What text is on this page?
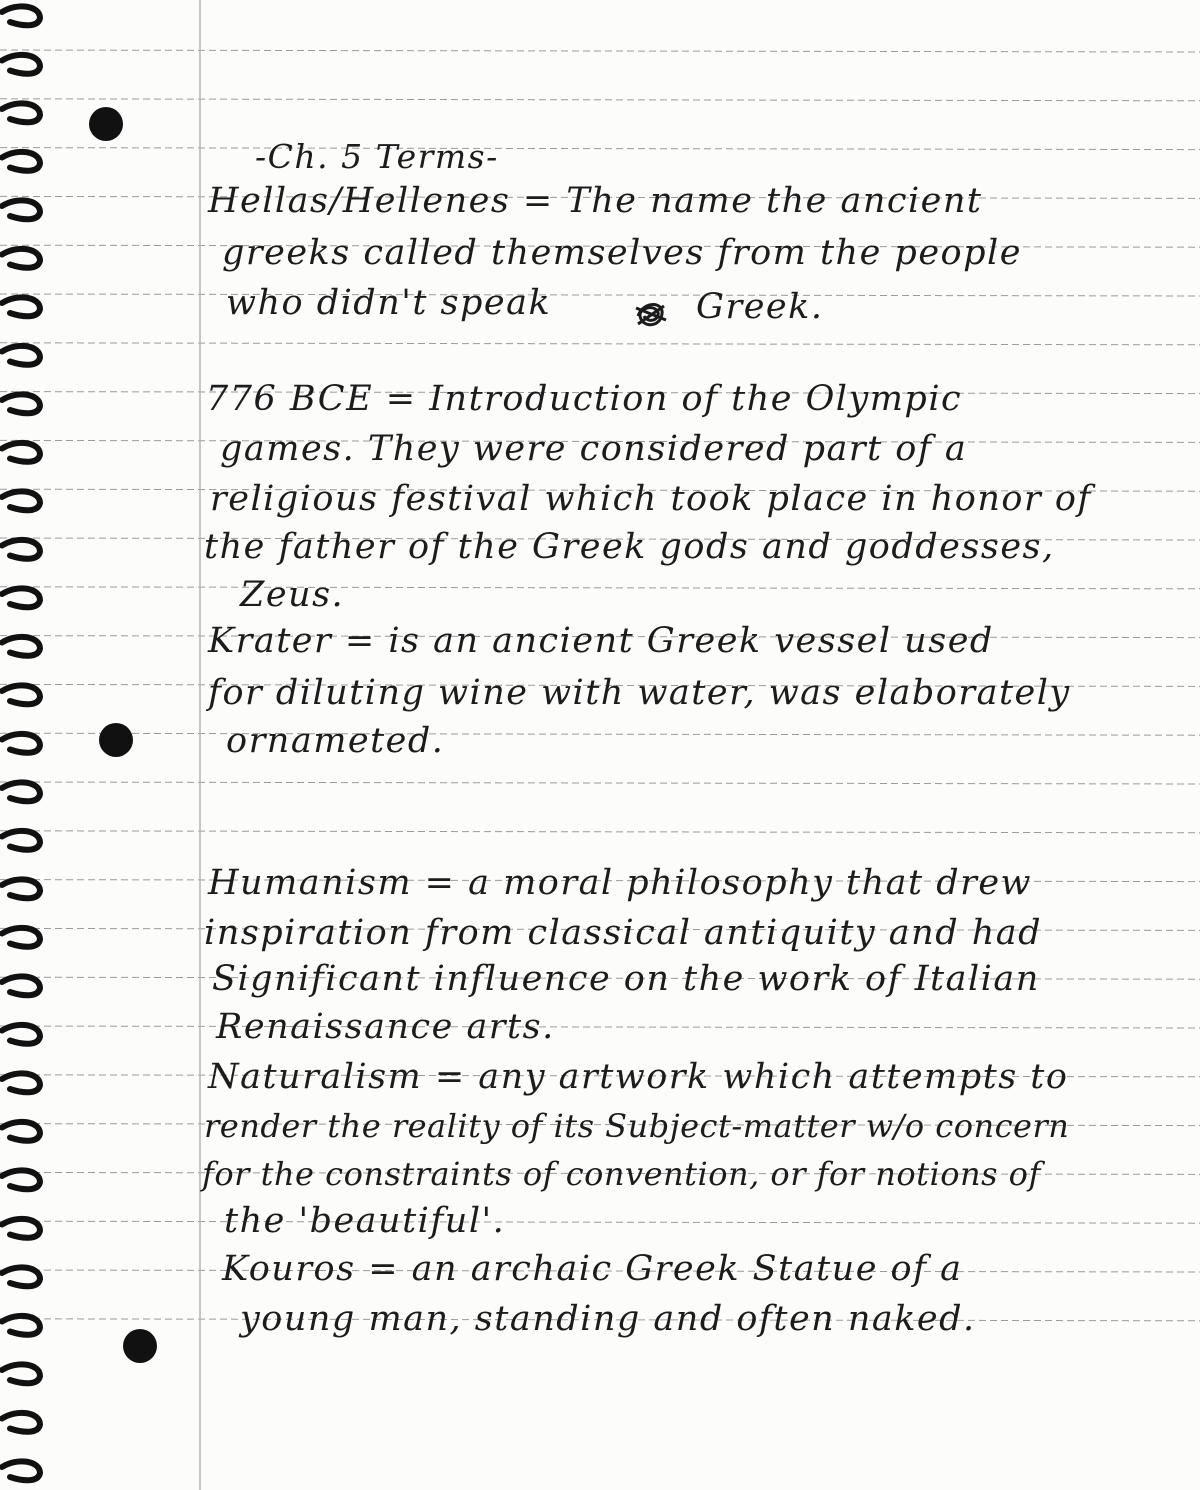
-Ch. 5 Terms-
Hellas/Hellenes = The name the ancient
greeks called themselves from the people
who didn't speak	Greek.
776 BCE = Introduction of the Olympic
games. They were considered part of a
religious festival which took place in honor of
the father of the Greek gods and goddesses,
Zeus.
Krater = is an ancient Greek vessel used
for diluting wine with water, was elaborately
ornameted.
Humanism = a moral philosophy that drew
inspiration from classical antiquity and had
Significant influence on the work of Italian
Renaissance arts.
Naturalism = any artwork which attempts to
render the reality of its Subject-matter w/o concern
for the constraints of convention, or for notions of
the 'beautiful'.
Kouros = an archaic Greek Statue of a
young man, standing and often naked.
